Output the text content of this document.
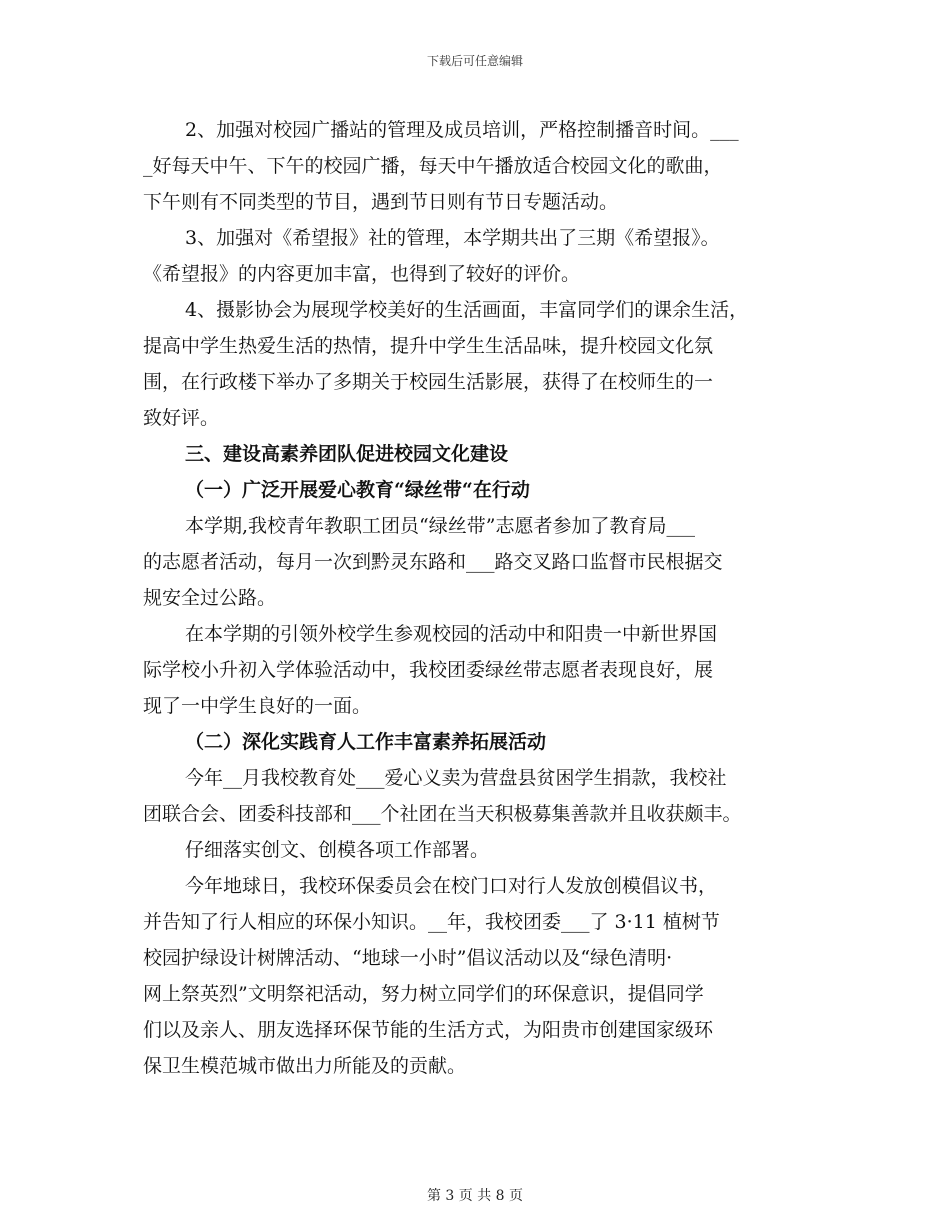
下载后可任意编辑
2、加强对校园广播站的管理及成员培训，严格控制播音时间。___
_好每天中午、下午的校园广播，每天中午播放适合校园文化的歌曲，
下午则有不同类型的节目，遇到节日则有节日专题活动。
3、加强对《希望报》社的管理，本学期共出了三期《希望报》。
《希望报》的内容更加丰富，也得到了较好的评价。
4、摄影协会为展现学校美好的生活画面，丰富同学们的课余生活，
提高中学生热爱生活的热情，提升中学生生活品味，提升校园文化氛
围，在行政楼下举办了多期关于校园生活影展，获得了在校师生的一
致好评。
三、建设高素养团队促进校园文化建设
（一）广泛开展爱心教育“绿丝带“在行动
本学期,我校青年教职工团员“绿丝带”志愿者参加了教育局___
的志愿者活动，每月一次到黔灵东路和___路交叉路口监督市民根据交
规安全过公路。
在本学期的引领外校学生参观校园的活动中和阳贵一中新世界国
际学校小升初入学体验活动中，我校团委绿丝带志愿者表现良好，展
现了一中学生良好的一面。
（二）深化实践育人工作丰富素养拓展活动
今年__月我校教育处___爱心义卖为营盘县贫困学生捐款，我校社
团联合会、团委科技部和___个社团在当天积极募集善款并且收获颇丰。
仔细落实创文、创模各项工作部署。
今年地球日，我校环保委员会在校门口对行人发放创模倡议书，
并告知了行人相应的环保小知识。__年，我校团委___了 3·11 植树节
校园护绿设计树牌活动、“地球一小时”倡议活动以及“绿色清明·
网上祭英烈”文明祭祀活动，努力树立同学们的环保意识，提倡同学
们以及亲人、朋友选择环保节能的生活方式，为阳贵市创建国家级环
保卫生模范城市做出力所能及的贡献。
第 3 页 共 8 页
